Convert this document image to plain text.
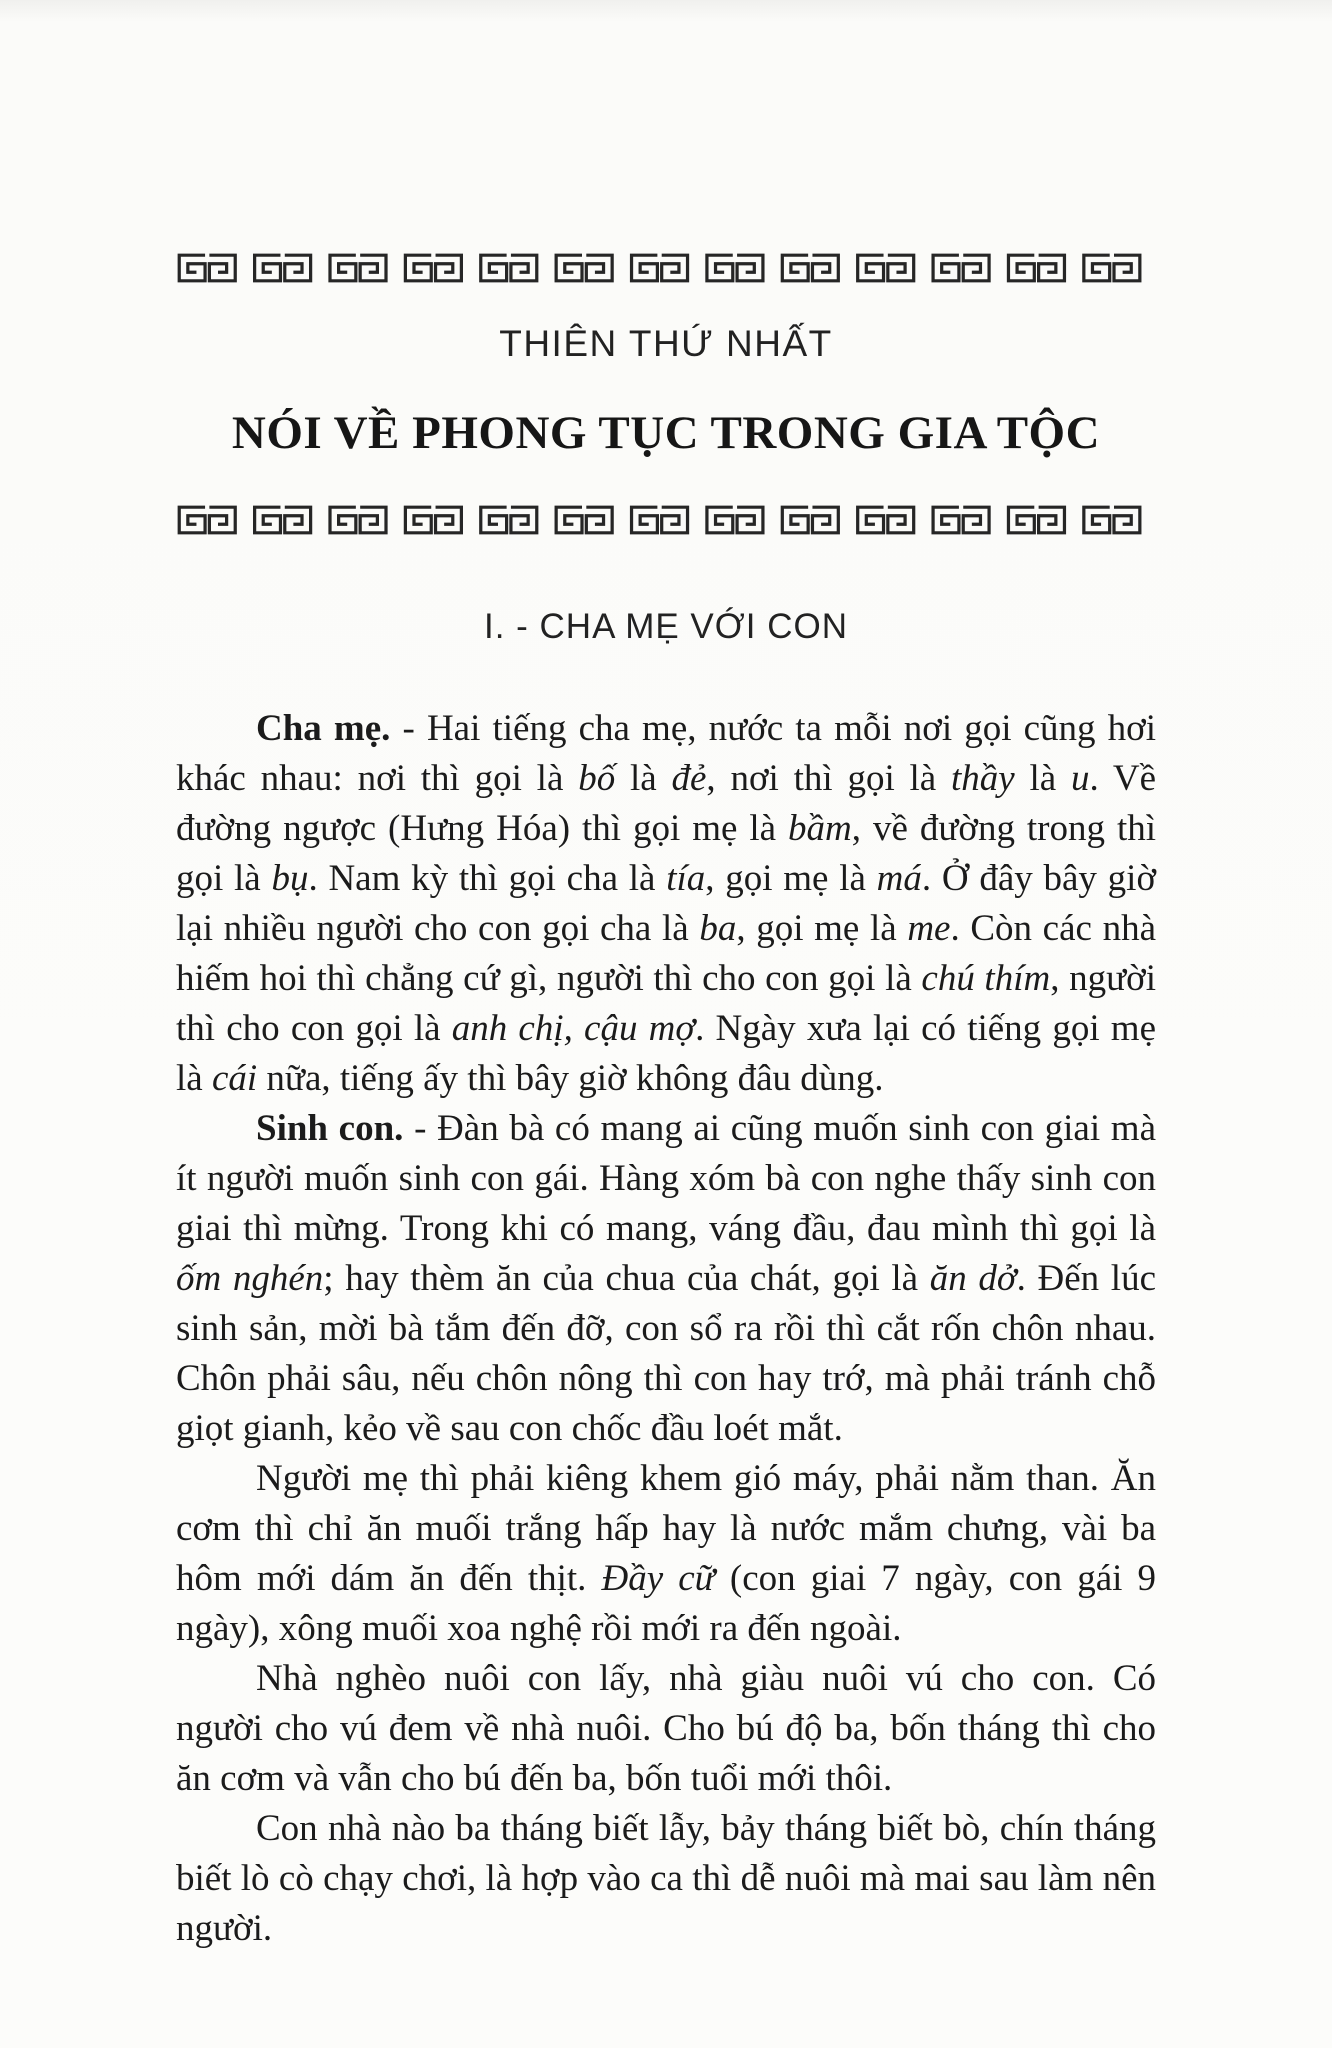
THIÊN THỨ NHẤT
NÓI VỀ PHONG TỤC TRONG GIA TỘC
I. - CHA MẸ VỚI CON

Cha mẹ. - Hai tiếng cha mẹ, nước ta mỗi nơi gọi cũng hơi khác nhau: nơi thì gọi là bố là đẻ, nơi thì gọi là thầy là u. Về đường ngược (Hưng Hóa) thì gọi mẹ là bầm, về đường trong thì gọi là bụ. Nam kỳ thì gọi cha là tía, gọi mẹ là má. Ở đây bây giờ lại nhiều người cho con gọi cha là ba, gọi mẹ là me. Còn các nhà hiếm hoi thì chẳng cứ gì, người thì cho con gọi là chú thím, người thì cho con gọi là anh chị, cậu mợ. Ngày xưa lại có tiếng gọi mẹ là cái nữa, tiếng ấy thì bây giờ không đâu dùng.

Sinh con. - Đàn bà có mang ai cũng muốn sinh con giai mà ít người muốn sinh con gái. Hàng xóm bà con nghe thấy sinh con giai thì mừng. Trong khi có mang, váng đầu, đau mình thì gọi là ốm nghén; hay thèm ăn của chua của chát, gọi là ăn dở. Đến lúc sinh sản, mời bà tắm đến đỡ, con sổ ra rồi thì cắt rốn chôn nhau. Chôn phải sâu, nếu chôn nông thì con hay trớ, mà phải tránh chỗ giọt gianh, kẻo về sau con chốc đầu loét mắt.

Người mẹ thì phải kiêng khem gió máy, phải nằm than. Ăn cơm thì chỉ ăn muối trắng hấp hay là nước mắm chưng, vài ba hôm mới dám ăn đến thịt. Đầy cữ (con giai 7 ngày, con gái 9 ngày), xông muối xoa nghệ rồi mới ra đến ngoài.

Nhà nghèo nuôi con lấy, nhà giàu nuôi vú cho con. Có người cho vú đem về nhà nuôi. Cho bú độ ba, bốn tháng thì cho ăn cơm và vẫn cho bú đến ba, bốn tuổi mới thôi.

Con nhà nào ba tháng biết lẫy, bảy tháng biết bò, chín tháng biết lò cò chạy chơi, là hợp vào ca thì dễ nuôi mà mai sau làm nên người.
